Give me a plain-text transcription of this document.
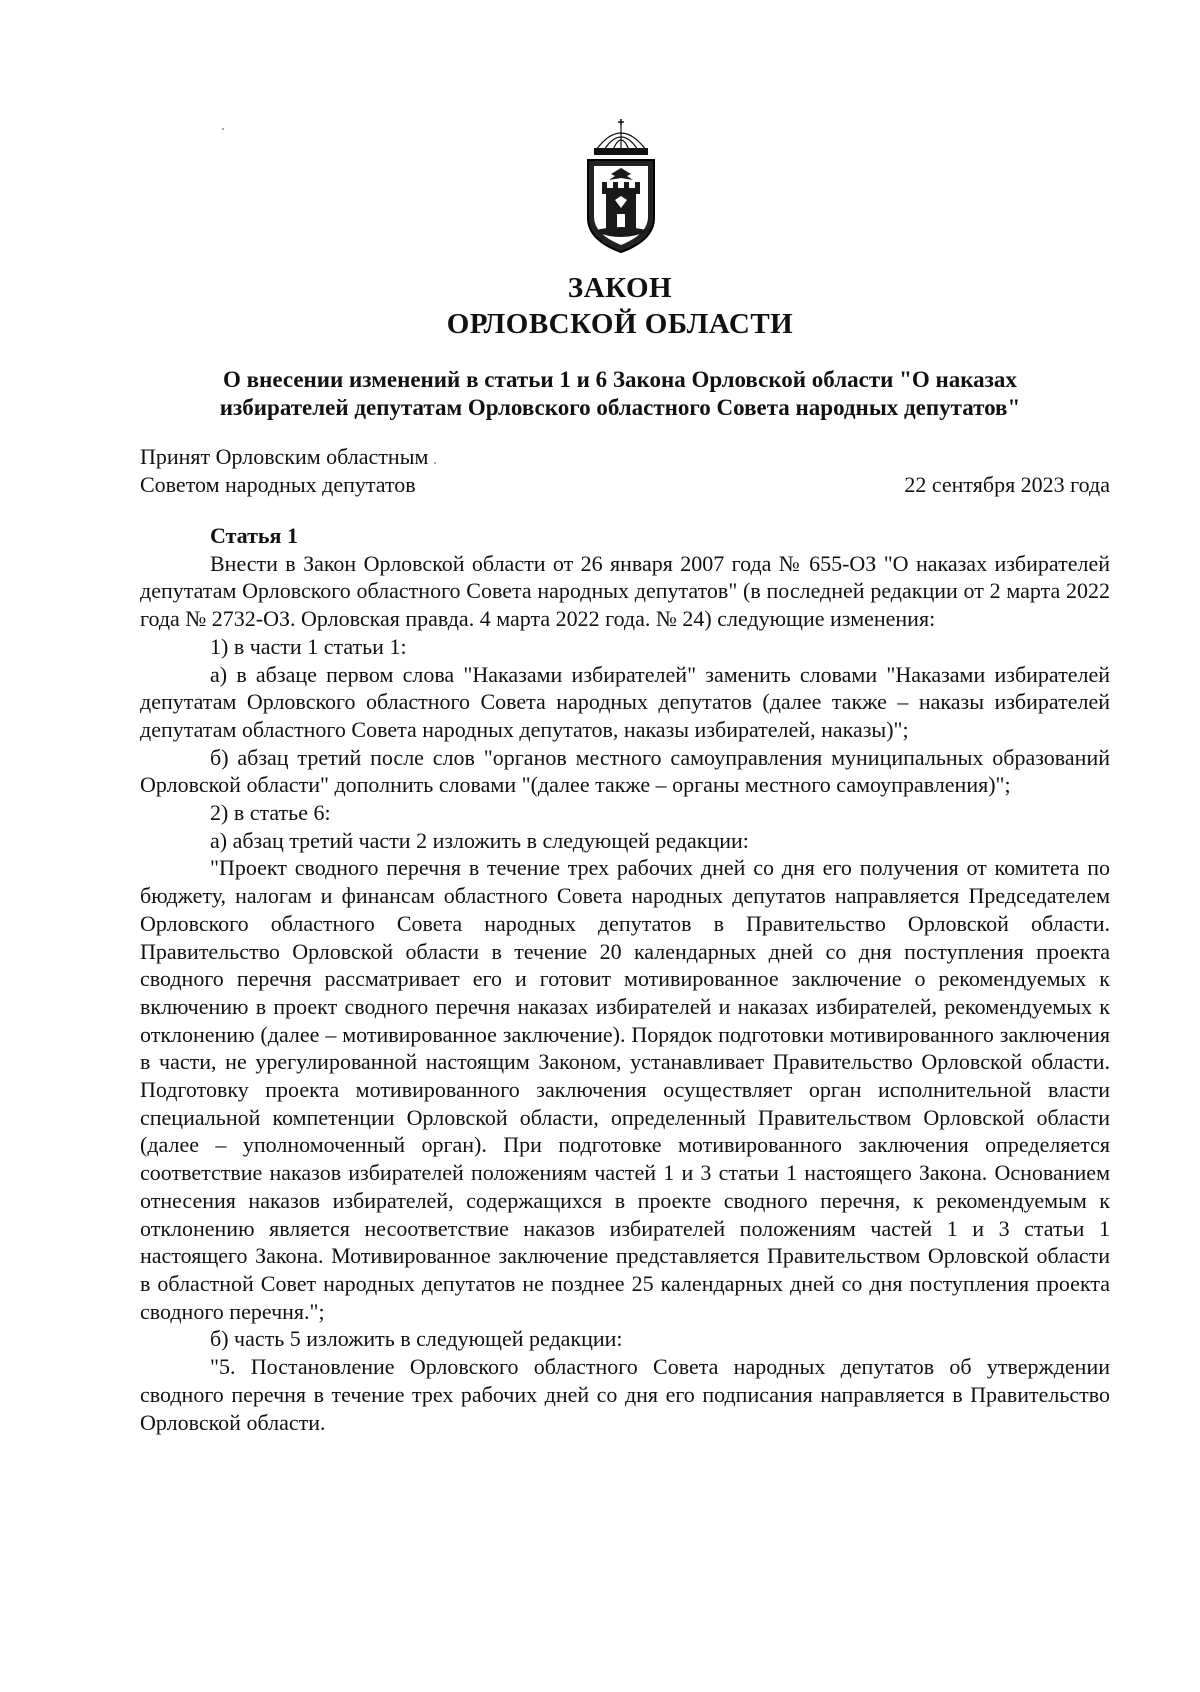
ЗАКОН
ОРЛОВСКОЙ ОБЛАСТИ
О внесении изменений в статьи 1 и 6 Закона Орловской области "О наказах
избирателей депутатам Орловского областного Совета народных депутатов"
Принят Орловским областным
Советом народных депутатов	22 сентября 2023 года

Статья 1

Внести в Закон Орловской области от 26 января 2007 года № 655-ОЗ "О наказах избирателей депутатам Орловского областного Совета народных депутатов" (в последней редакции от 2 марта 2022 года № 2732-ОЗ. Орловская правда. 4 марта 2022 года. № 24) следующие изменения:

1) в части 1 статьи 1:

а) в абзаце первом слова "Наказами избирателей" заменить словами "Наказами избирателей депутатам Орловского областного Совета народных депутатов (далее также – наказы избирателей депутатам областного Совета народных депутатов, наказы избирателей, наказы)";

б) абзац третий после слов "органов местного самоуправления муниципальных образований Орловской области" дополнить словами "(далее также – органы местного самоуправления)";

2) в статье 6:

а) абзац третий части 2 изложить в следующей редакции:

"Проект сводного перечня в течение трех рабочих дней со дня его получения от комитета по бюджету, налогам и финансам областного Совета народных депутатов направляется Председателем Орловского областного Совета народных депутатов в Правительство Орловской области. Правительство Орловской области в течение 20 календарных дней со дня поступления проекта сводного перечня рассматривает его и готовит мотивированное заключение о рекомендуемых к включению в проект сводного перечня наказах избирателей и наказах избирателей, рекомендуемых к отклонению (далее – мотивированное заключение). Порядок подготовки мотивированного заключения в части, не урегулированной настоящим Законом, устанавливает Правительство Орловской области. Подготовку проекта мотивированного заключения осуществляет орган исполнительной власти специальной компетенции Орловской области, определенный Правительством Орловской области (далее – уполномоченный орган). При подготовке мотивированного заключения определяется соответствие наказов избирателей положениям частей 1 и 3 статьи 1 настоящего Закона. Основанием отнесения наказов избирателей, содержащихся в проекте сводного перечня, к рекомендуемым к отклонению является несоответствие наказов избирателей положениям частей 1 и 3 статьи 1 настоящего Закона. Мотивированное заключение представляется Правительством Орловской области в областной Совет народных депутатов не позднее 25 календарных дней со дня поступления проекта сводного перечня.";

б) часть 5 изложить в следующей редакции:

"5. Постановление Орловского областного Совета народных депутатов об утверждении сводного перечня в течение трех рабочих дней со дня его подписания направляется в Правительство Орловской области.
